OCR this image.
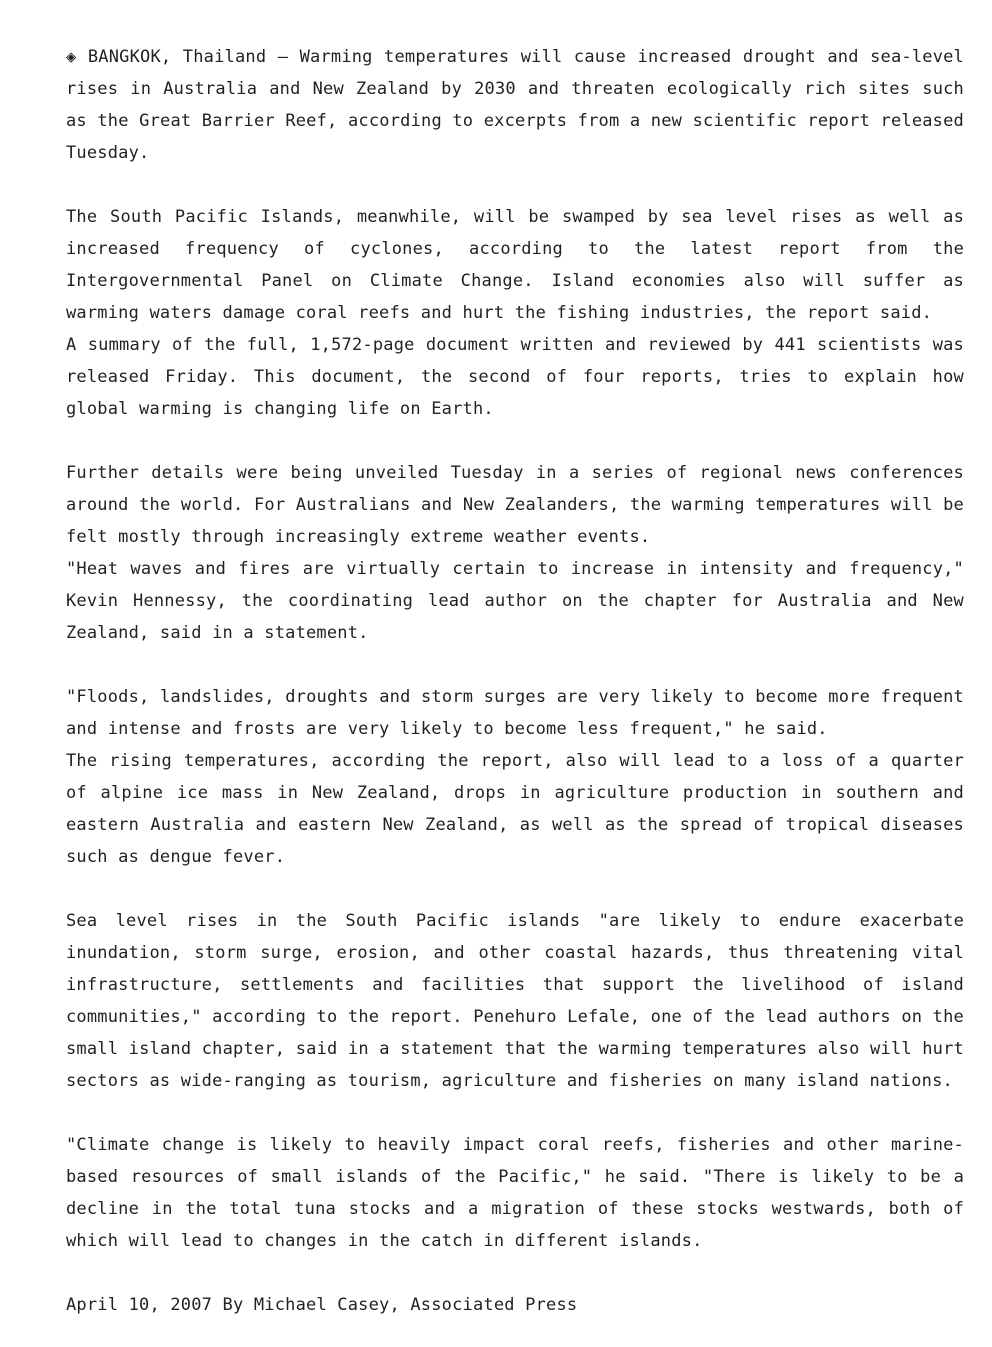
◈ BANGKOK, Thailand — Warming temperatures will cause increased drought and sea-level rises in Australia and New Zealand by 2030 and threaten ecologically rich sites such as the Great Barrier Reef, according to excerpts from a new scientific report released Tuesday.

The South Pacific Islands, meanwhile, will be swamped by sea level rises as well as increased frequency of cyclones, according to the latest report from the Intergovernmental Panel on Climate Change. Island economies also will suffer as warming waters damage coral reefs and hurt the fishing industries, the report said.

A summary of the full, 1,572-page document written and reviewed by 441 scientists was released Friday. This document, the second of four reports, tries to explain how global warming is changing life on Earth.

Further details were being unveiled Tuesday in a series of regional news conferences around the world. For Australians and New Zealanders, the warming temperatures will be felt mostly through increasingly extreme weather events.

"Heat waves and fires are virtually certain to increase in intensity and frequency," Kevin Hennessy, the coordinating lead author on the chapter for Australia and New Zealand, said in a statement.

"Floods, landslides, droughts and storm surges are very likely to become more frequent and intense and frosts are very likely to become less frequent," he said.

The rising temperatures, according the report, also will lead to a loss of a quarter of alpine ice mass in New Zealand, drops in agriculture production in southern and eastern Australia and eastern New Zealand, as well as the spread of tropical diseases such as dengue fever.

Sea level rises in the South Pacific islands "are likely to endure exacerbate inundation, storm surge, erosion, and other coastal hazards, thus threatening vital infrastructure, settlements and facilities that support the livelihood of island communities," according to the report. Penehuro Lefale, one of the lead authors on the small island chapter, said in a statement that the warming temperatures also will hurt sectors as wide-ranging as tourism, agriculture and fisheries on many island nations.

"Climate change is likely to heavily impact coral reefs, fisheries and other marine-based resources of small islands of the Pacific," he said. "There is likely to be a decline in the total tuna stocks and a migration of these stocks westwards, both of which will lead to changes in the catch in different islands.

April 10, 2007 By Michael Casey, Associated Press
